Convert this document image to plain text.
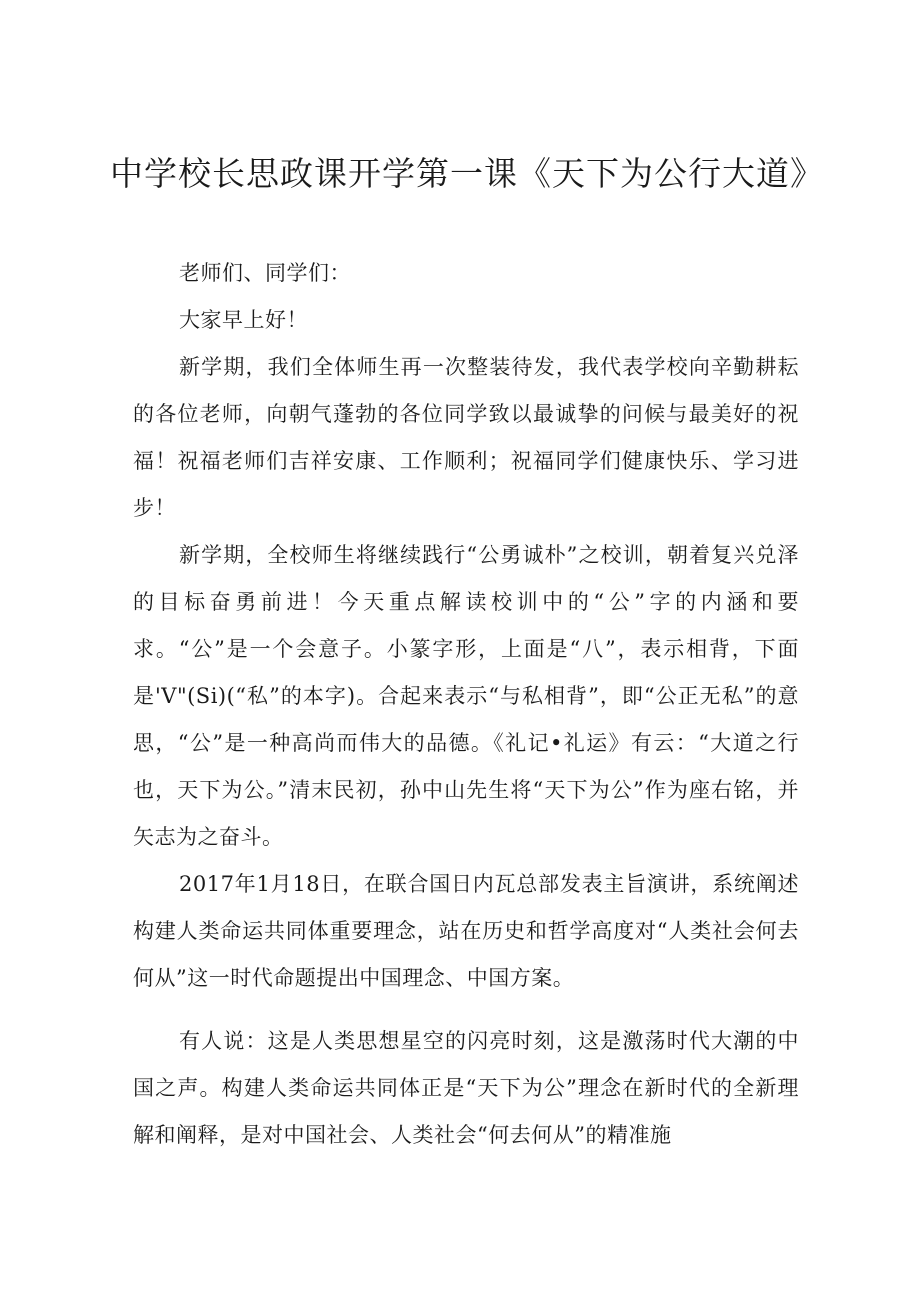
中学校长思政课开学第一课《天下为公行大道》

老师们、同学们：

大家早上好！

新学期，我们全体师生再一次整装待发，我代表学校向辛勤耕耘的各位老师，向朝气蓬勃的各位同学致以最诚挚的问候与最美好的祝福！祝福老师们吉祥安康、工作顺利；祝福同学们健康快乐、学习进步！

新学期，全校师生将继续践行“公勇诚朴”之校训，朝着复兴兑泽的目标奋勇前进！今天重点解读校训中的“公”字的内涵和要求。“公”是一个会意子。小篆字形，上面是“八”，表示相背，下面是'V"(Si)(“私”的本字)。合起来表示“与私相背”，即“公正无私”的意思，“公”是一种高尚而伟大的品德。《礼记•礼运》有云：“大道之行也，天下为公。”清末民初，孙中山先生将“天下为公”作为座右铭，并矢志为之奋斗。

2017年1月18日，在联合国日内瓦总部发表主旨演讲，系统阐述构建人类命运共同体重要理念，站在历史和哲学高度对“人类社会何去何从”这一时代命题提出中国理念、中国方案。

有人说：这是人类思想星空的闪亮时刻，这是激荡时代大潮的中国之声。构建人类命运共同体正是“天下为公”理念在新时代的全新理解和阐释，是对中国社会、人类社会“何去何从”的精准施
